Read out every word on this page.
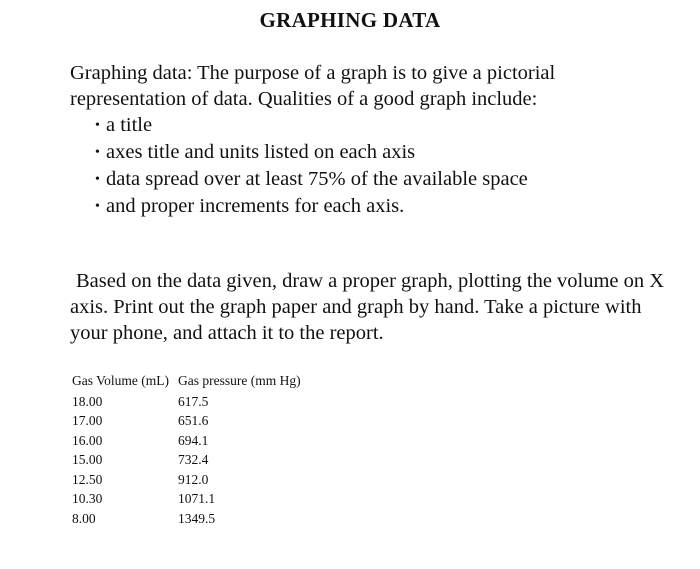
GRAPHING DATA
Graphing data: The purpose of a graph is to give a pictorial representation of data. Qualities of a good graph include:
• a title
• axes title and units listed on each axis
• data spread over at least 75% of the available space
• and proper increments for each axis.
Based on the data given, draw a proper graph, plotting the volume on X axis. Print out the graph paper and graph by hand. Take a picture with your phone, and attach it to the report.
Gas Volume (mL)	Gas pressure (mm Hg)
18.00	617.5
17.00	651.6
16.00	694.1
15.00	732.4
12.50	912.0
10.30	1071.1
8.00	1349.5
